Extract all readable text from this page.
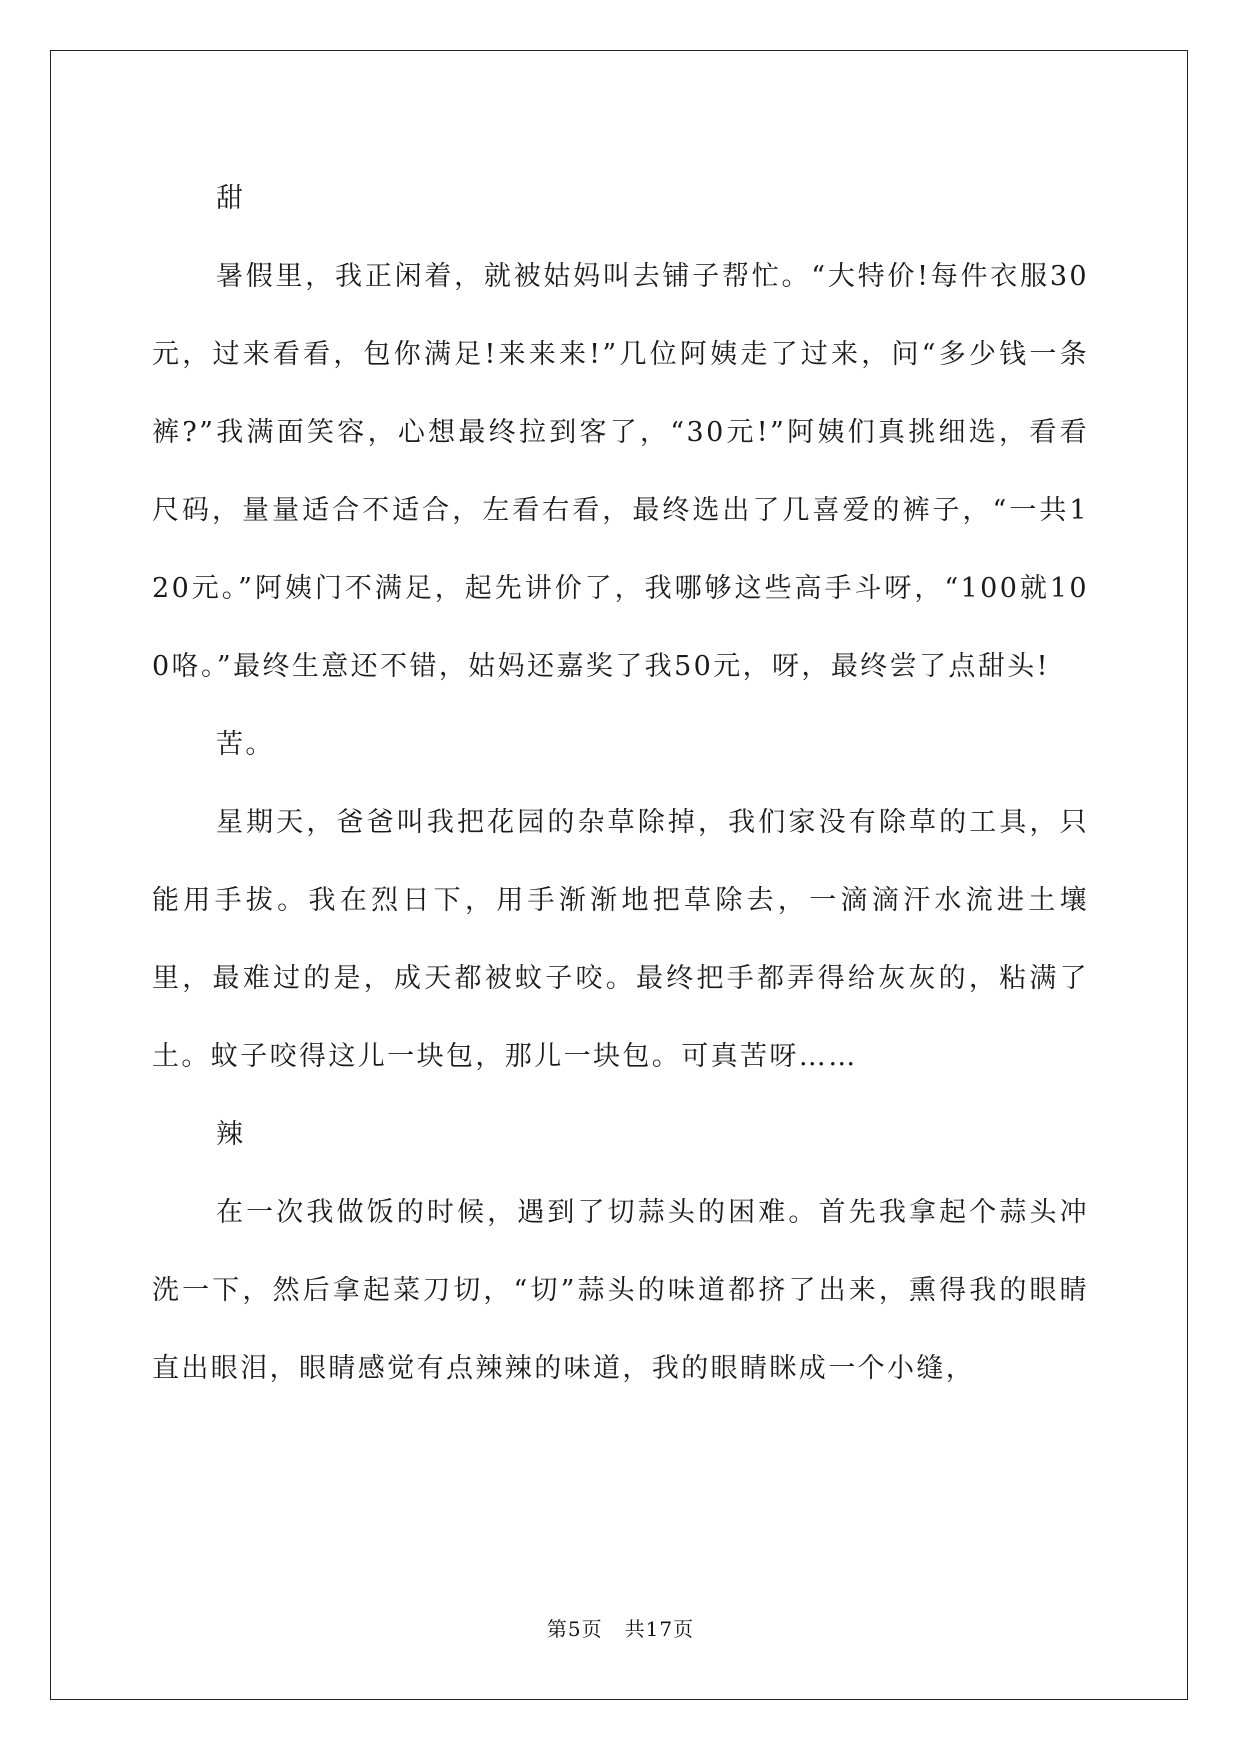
甜

暑假里，我正闲着，就被姑妈叫去铺子帮忙。“大特价!每件衣服30元，过来看看，包你满足!来来来!”几位阿姨走了过来，问“多少钱一条裤?”我满面笑容，心想最终拉到客了，“30元!”阿姨们真挑细选，看看尺码，量量适合不适合，左看右看，最终选出了几喜爱的裤子，“一共120元。”阿姨门不满足，起先讲价了，我哪够这些高手斗呀，“100就100咯。”最终生意还不错，姑妈还嘉奖了我50元，呀，最终尝了点甜头!

苦。

星期天，爸爸叫我把花园的杂草除掉，我们家没有除草的工具，只能用手拔。我在烈日下，用手渐渐地把草除去，一滴滴汗水流进土壤里，最难过的是，成天都被蚊子咬。最终把手都弄得给灰灰的，粘满了土。蚊子咬得这儿一块包，那儿一块包。可真苦呀……

辣

在一次我做饭的时候，遇到了切蒜头的困难。首先我拿起个蒜头冲洗一下，然后拿起菜刀切，“切”蒜头的味道都挤了出来，熏得我的眼睛直出眼泪，眼睛感觉有点辣辣的味道，我的眼睛眯成一个小缝，

第5页 共17页
